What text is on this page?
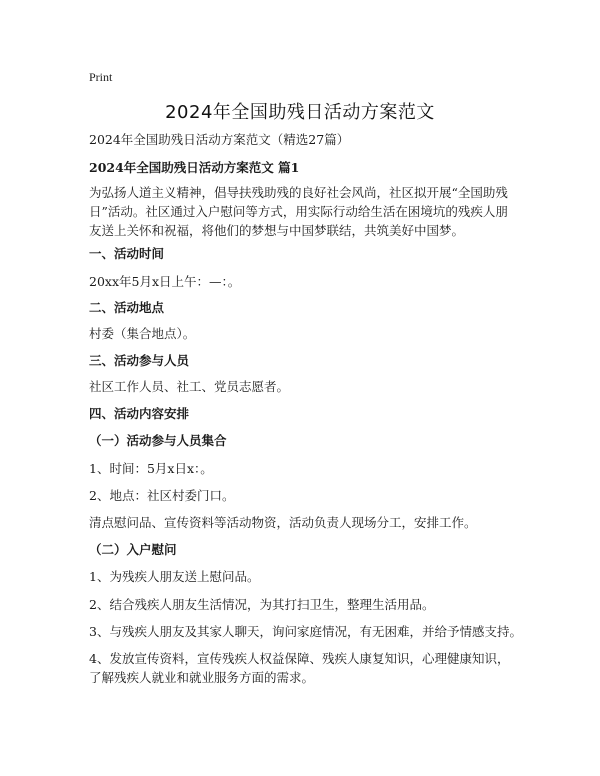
Print
2024年全国助残日活动方案范文
2024年全国助残日活动方案范文（精选27篇）
2024年全国助残日活动方案范文 篇1
为弘扬人道主义精神，倡导扶残助残的良好社会风尚，社区拟开展“全国助残日”活动。社区通过入户慰问等方式，用实际行动给生活在困境坑的残疾人朋友送上关怀和祝福，将他们的梦想与中国梦联结，共筑美好中国梦。
一、活动时间
20xx年5月x日上午：—：。
二、活动地点
村委（集合地点）。
三、活动参与人员
社区工作人员、社工、党员志愿者。
四、活动内容安排
（一）活动参与人员集合
1、时间：5月x日x：。
2、地点：社区村委门口。
清点慰问品、宣传资料等活动物资，活动负责人现场分工，安排工作。
（二）入户慰问
1、为残疾人朋友送上慰问品。
2、结合残疾人朋友生活情况，为其打扫卫生，整理生活用品。
3、与残疾人朋友及其家人聊天，询问家庭情况，有无困难，并给予情感支持。
4、发放宣传资料，宣传残疾人权益保障、残疾人康复知识，心理健康知识，了解残疾人就业和就业服务方面的需求。
